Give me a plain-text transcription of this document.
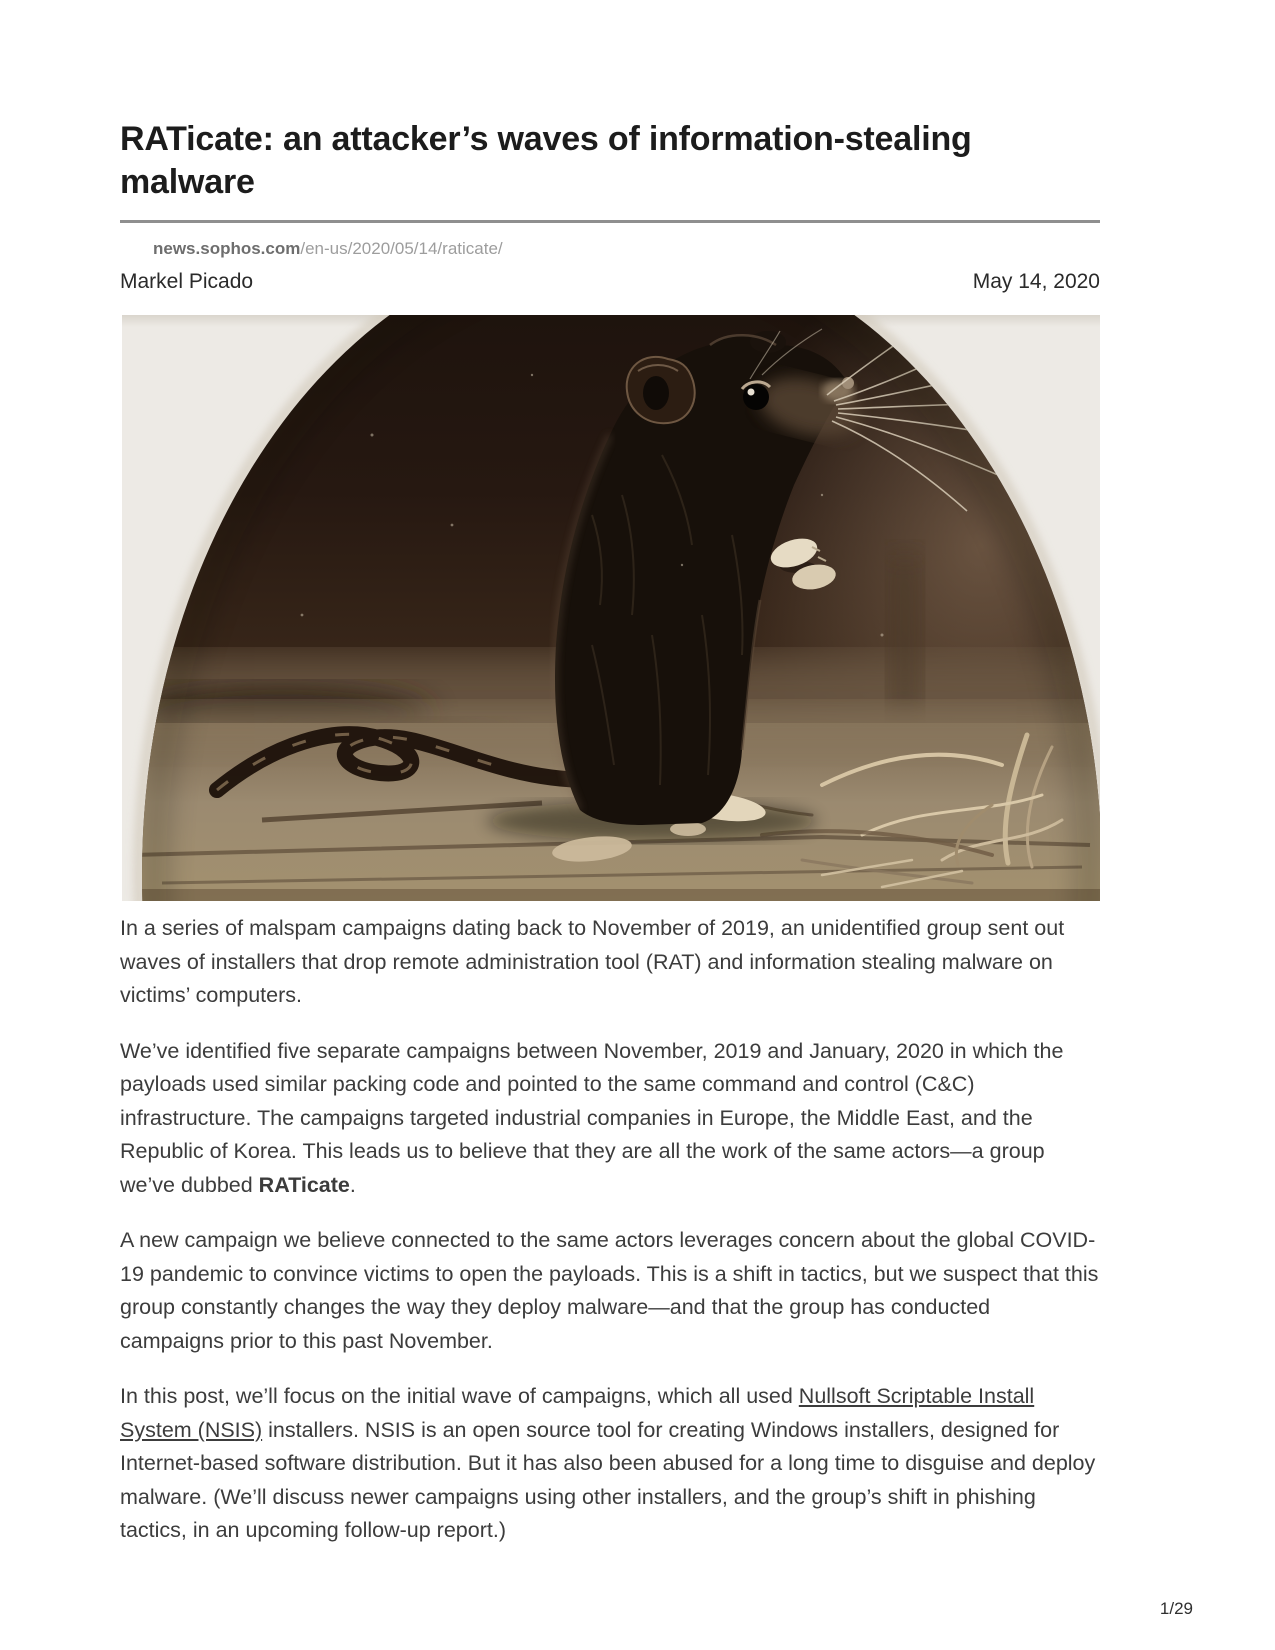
RATicate: an attacker’s waves of information-stealing malware
news.sophos.com/en-us/2020/05/14/raticate/
Markel Picado	May 14, 2020

In a series of malspam campaigns dating back to November of 2019, an unidentified group sent out waves of installers that drop remote administration tool (RAT) and information stealing malware on victims’ computers.

We’ve identified five separate campaigns between November, 2019 and January, 2020 in which the payloads used similar packing code and pointed to the same command and control (C&C) infrastructure. The campaigns targeted industrial companies in Europe, the Middle East, and the Republic of Korea. This leads us to believe that they are all the work of the same actors—a group we’ve dubbed RATicate.

A new campaign we believe connected to the same actors leverages concern about the global COVID-19 pandemic to convince victims to open the payloads. This is a shift in tactics, but we suspect that this group constantly changes the way they deploy malware—and that the group has conducted campaigns prior to this past November.

In this post, we’ll focus on the initial wave of campaigns, which all used Nullsoft Scriptable Install System (NSIS) installers. NSIS is an open source tool for creating Windows installers, designed for Internet-based software distribution. But it has also been abused for a long time to disguise and deploy malware. (We’ll discuss newer campaigns using other installers, and the group’s shift in phishing tactics, in an upcoming follow-up report.)

1/29
